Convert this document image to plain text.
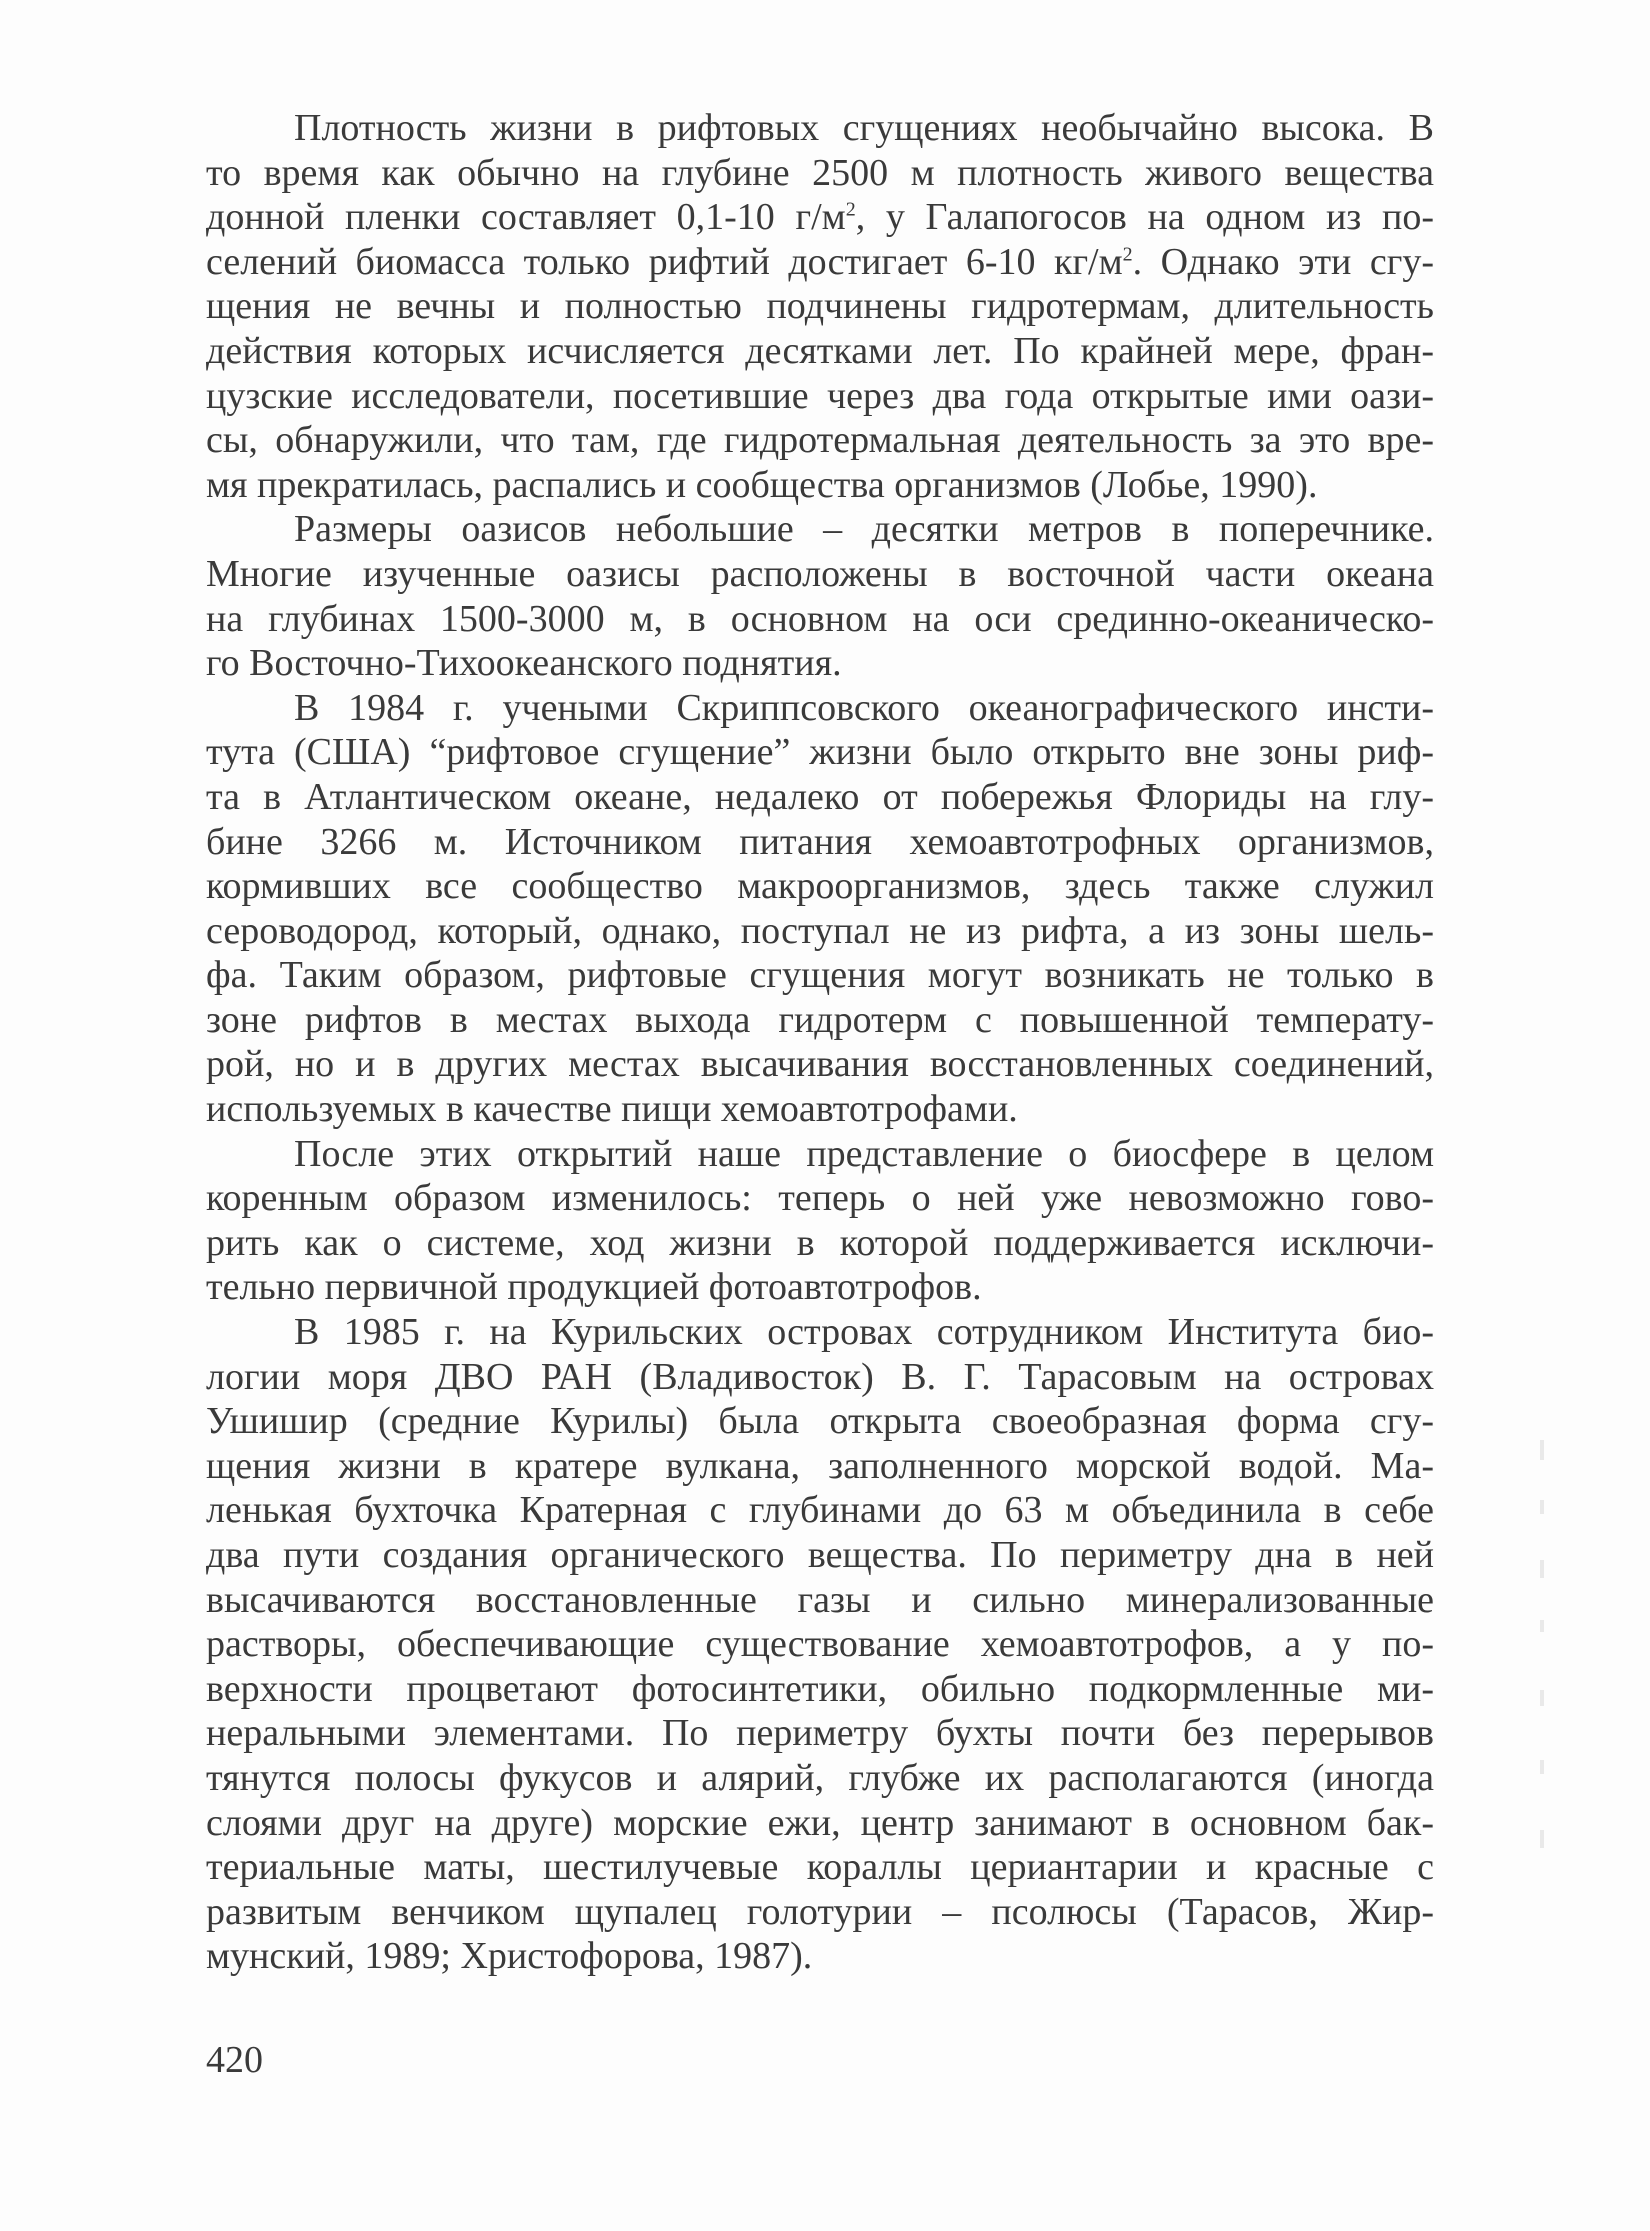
Плотность жизни в рифтовых сгущениях необычайно высока. В
то время как обычно на глубине 2500 м плотность живого вещества
донной пленки составляет 0,1-10 $г/м^2$, у Галапогосов на одном из по-
селений биомасса только рифтий достигает 6-10 $кг/м^2$. Однако эти сгу-
щения не вечны и полностью подчинены гидротермам, длительность
действия которых исчисляется десятками лет. По крайней мере, фран-
цузские исследователи, посетившие через два года открытые ими оази-
сы, обнаружили, что там, где гидротермальная деятельность за это вре-
мя прекратилась, распались и сообщества организмов (Лобье, 1990).
Размеры оазисов небольшие – десятки метров в поперечнике.
Многие изученные оазисы расположены в восточной части океана
на глубинах 1500-3000 м, в основном на оси срединно-океаническо-
го Восточно-Тихоокеанского поднятия.
В 1984 г. учеными Скриппсовского океанографического инсти-
тута (США) “рифтовое сгущение” жизни было открыто вне зоны риф-
та в Атлантическом океане, недалеко от побережья Флориды на глу-
бине 3266 м. Источником питания хемоавтотрофных организмов,
кормивших все сообщество макроорганизмов, здесь также служил
сероводород, который, однако, поступал не из рифта, а из зоны шель-
фа. Таким образом, рифтовые сгущения могут возникать не только в
зоне рифтов в местах выхода гидротерм с повышенной температу-
рой, но и в других местах высачивания восстановленных соединений,
используемых в качестве пищи хемоавтотрофами.
После этих открытий наше представление о биосфере в целом
коренным образом изменилось: теперь о ней уже невозможно гово-
рить как о системе, ход жизни в которой поддерживается исключи-
тельно первичной продукцией фотоавтотрофов.
В 1985 г. на Курильских островах сотрудником Института био-
логии моря ДВО РАН (Владивосток) В. Г. Тарасовым на островах
Ушишир (средние Курилы) была открыта своеобразная форма сгу-
щения жизни в кратере вулкана, заполненного морской водой. Ма-
ленькая бухточка Кратерная с глубинами до 63 м объединила в себе
два пути создания органического вещества. По периметру дна в ней
высачиваются восстановленные газы и сильно минерализованные
растворы, обеспечивающие существование хемоавтотрофов, а у по-
верхности процветают фотосинтетики, обильно подкормленные ми-
неральными элементами. По периметру бухты почти без перерывов
тянутся полосы фукусов и алярий, глубже их располагаются (иногда
слоями друг на друге) морские ежи, центр занимают в основном бак-
териальные маты, шестилучевые кораллы цериантарии и красные с
развитым венчиком щупалец голотурии – псолюсы (Тарасов, Жир-
мунский, 1989; Христофорова, 1987).
420
